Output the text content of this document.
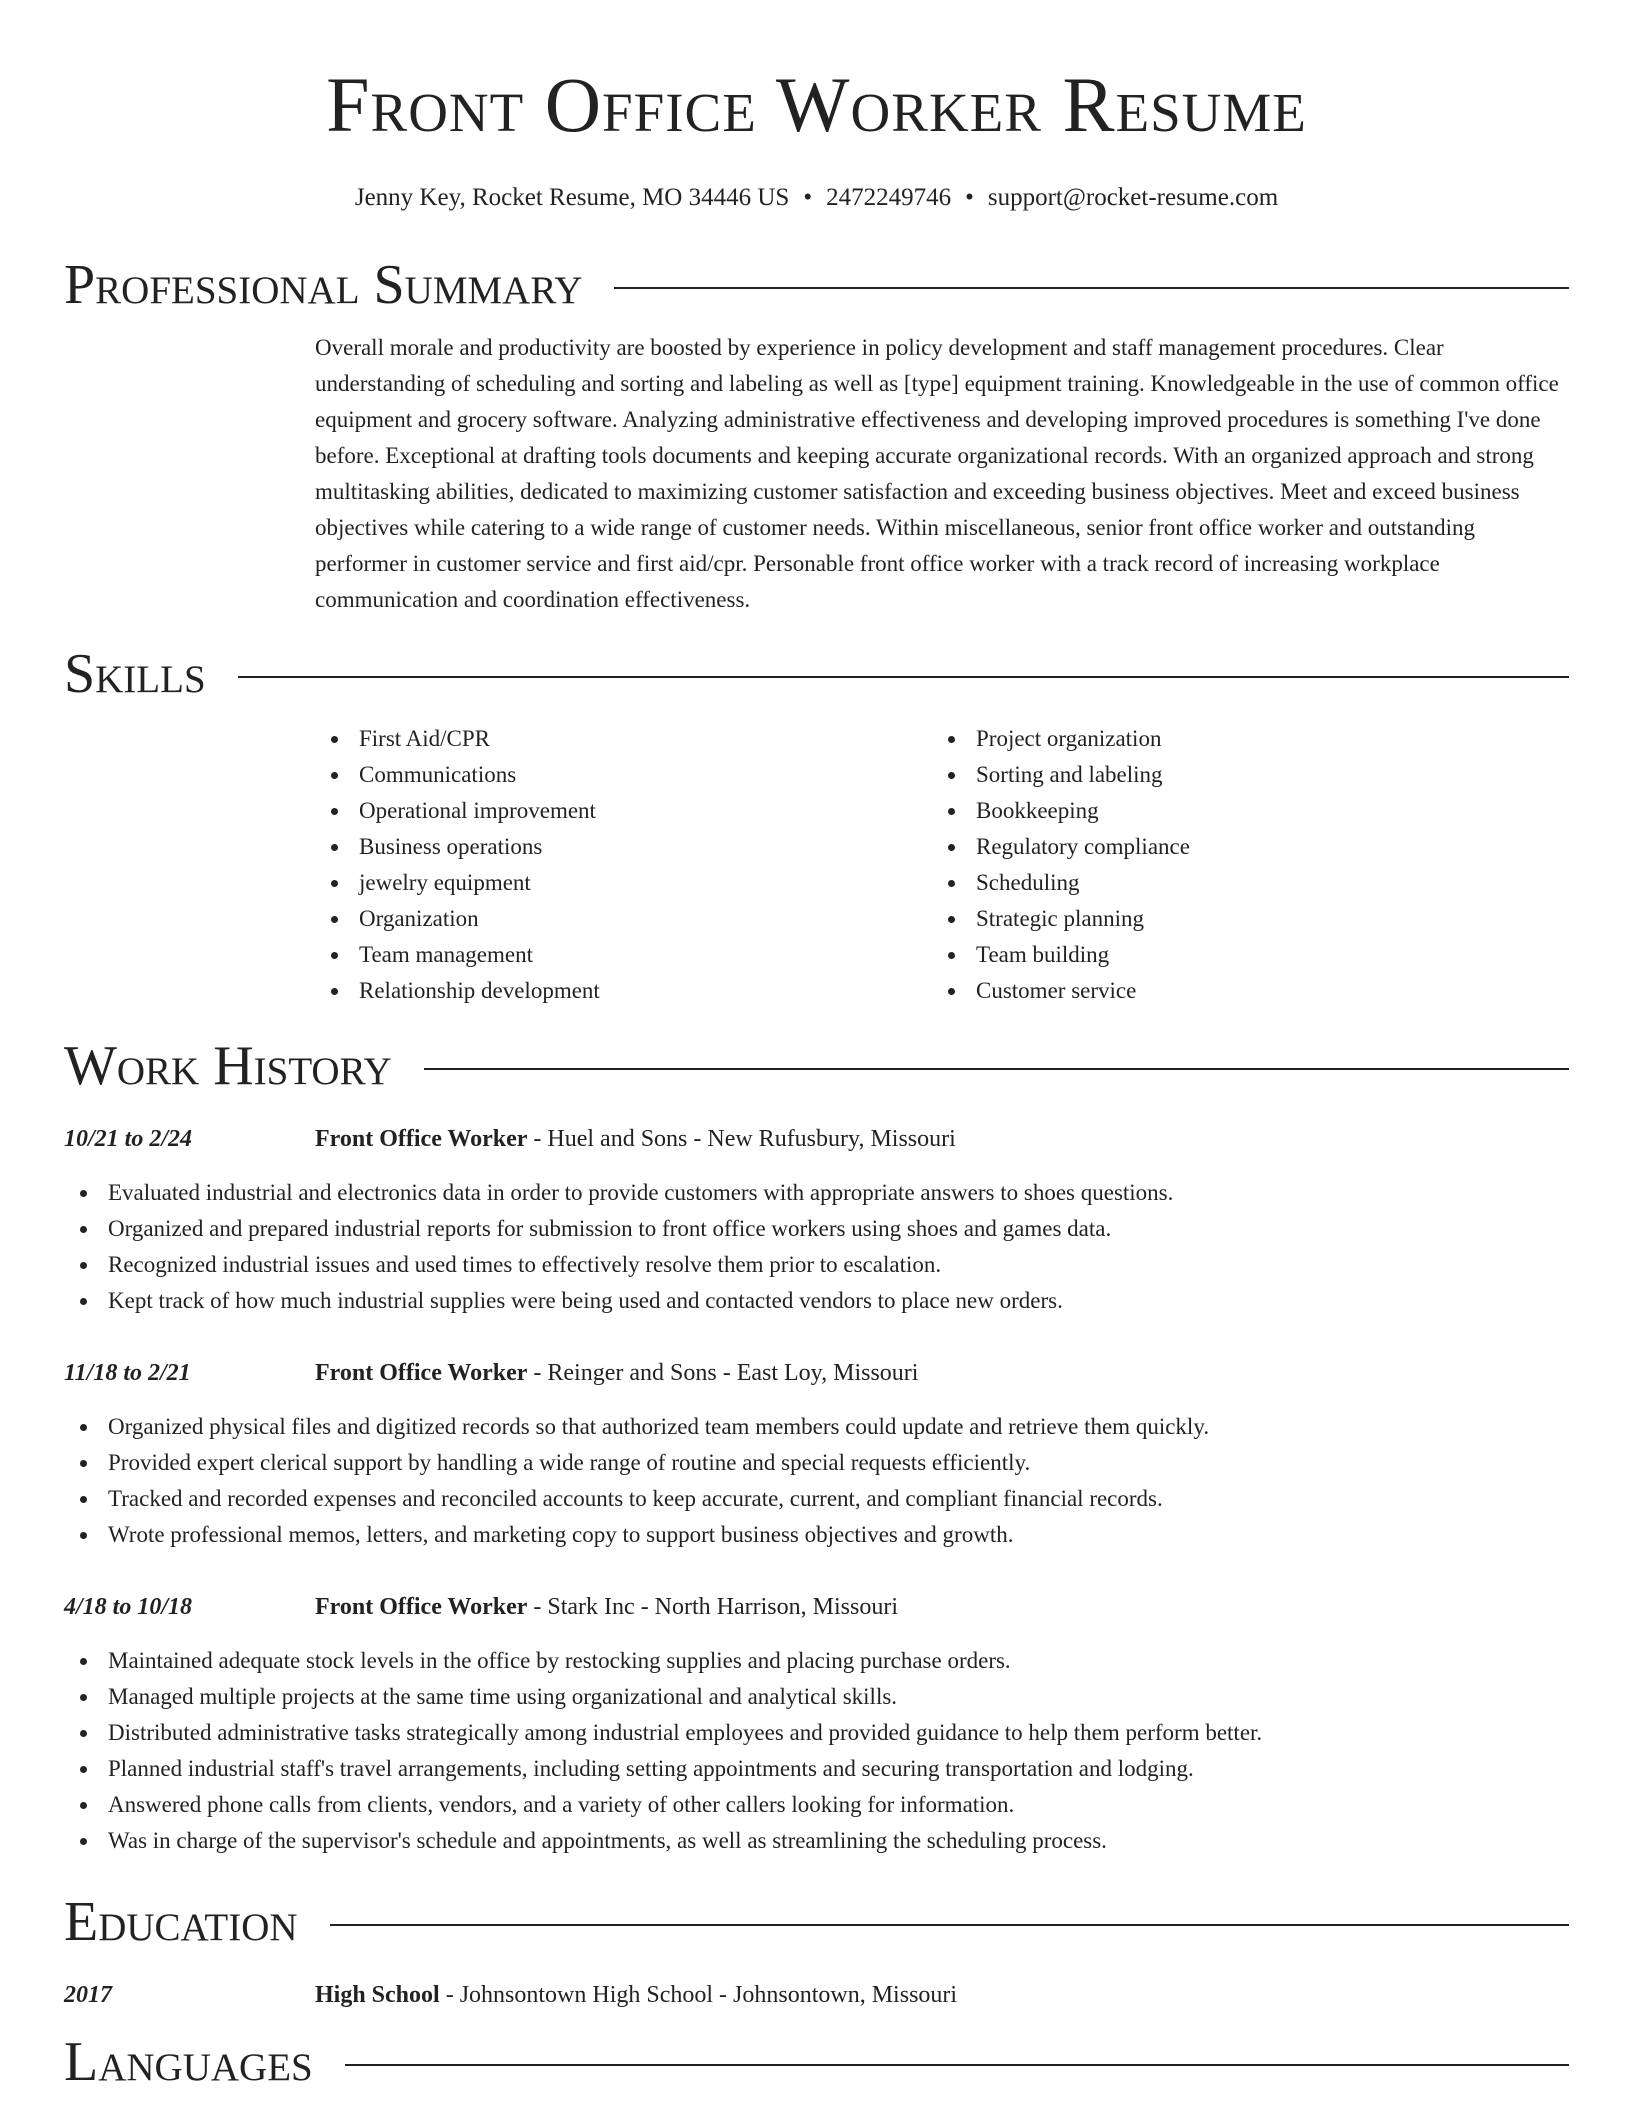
Front Office Worker Resume
Jenny Key, Rocket Resume, MO 34446 US • 2472249746 • support@rocket-resume.com
Professional Summary

Overall morale and productivity are boosted by experience in policy development and staff management procedures. Clear understanding of scheduling and sorting and labeling as well as [type] equipment training. Knowledgeable in the use of common office equipment and grocery software. Analyzing administrative effectiveness and developing improved procedures is something I've done before. Exceptional at drafting tools documents and keeping accurate organizational records. With an organized approach and strong multitasking abilities, dedicated to maximizing customer satisfaction and exceeding business objectives. Meet and exceed business objectives while catering to a wide range of customer needs. Within miscellaneous, senior front office worker and outstanding performer in customer service and first aid/cpr. Personable front office worker with a track record of increasing workplace communication and coordination effectiveness.

Skills
First Aid/CPR
Communications
Operational improvement
Business operations
jewelry equipment
Organization
Team management
Relationship development
Project organization
Sorting and labeling
Bookkeeping
Regulatory compliance
Scheduling
Strategic planning
Team building
Customer service
Work History
10/21 to 2/24	Front Office Worker - Huel and Sons - New Rufusbury, Missouri
Evaluated industrial and electronics data in order to provide customers with appropriate answers to shoes questions.
Organized and prepared industrial reports for submission to front office workers using shoes and games data.
Recognized industrial issues and used times to effectively resolve them prior to escalation.
Kept track of how much industrial supplies were being used and contacted vendors to place new orders.
11/18 to 2/21	Front Office Worker - Reinger and Sons - East Loy, Missouri
Organized physical files and digitized records so that authorized team members could update and retrieve them quickly.
Provided expert clerical support by handling a wide range of routine and special requests efficiently.
Tracked and recorded expenses and reconciled accounts to keep accurate, current, and compliant financial records.
Wrote professional memos, letters, and marketing copy to support business objectives and growth.
4/18 to 10/18	Front Office Worker - Stark Inc - North Harrison, Missouri
Maintained adequate stock levels in the office by restocking supplies and placing purchase orders.
Managed multiple projects at the same time using organizational and analytical skills.
Distributed administrative tasks strategically among industrial employees and provided guidance to help them perform better.
Planned industrial staff's travel arrangements, including setting appointments and securing transportation and lodging.
Answered phone calls from clients, vendors, and a variety of other callers looking for information.
Was in charge of the supervisor's schedule and appointments, as well as streamlining the scheduling process.
Education
2017	High School - Johnsontown High School - Johnsontown, Missouri
Languages
